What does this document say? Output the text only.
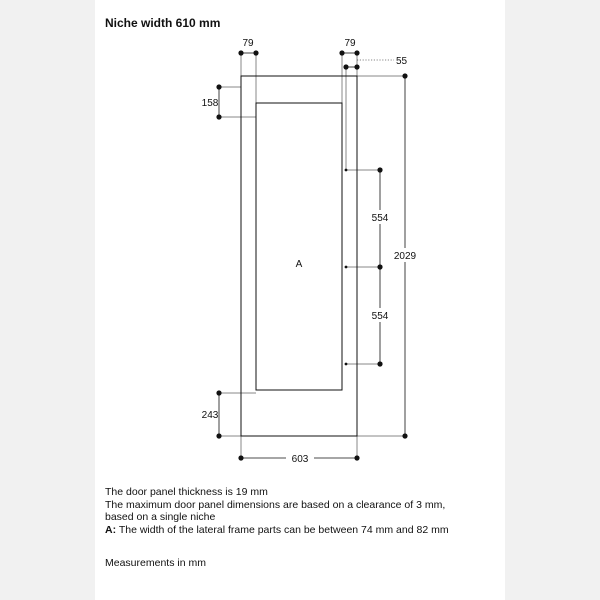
Niche width 610 mm
A
79	79
55
158
243
603
2029
554
554
The door panel thickness is 19 mm
The maximum door panel dimensions are based on a clearance of 3 mm,
based on a single niche
A: The width of the lateral frame parts can be between 74 mm and 82 mm
Measurements in mm
